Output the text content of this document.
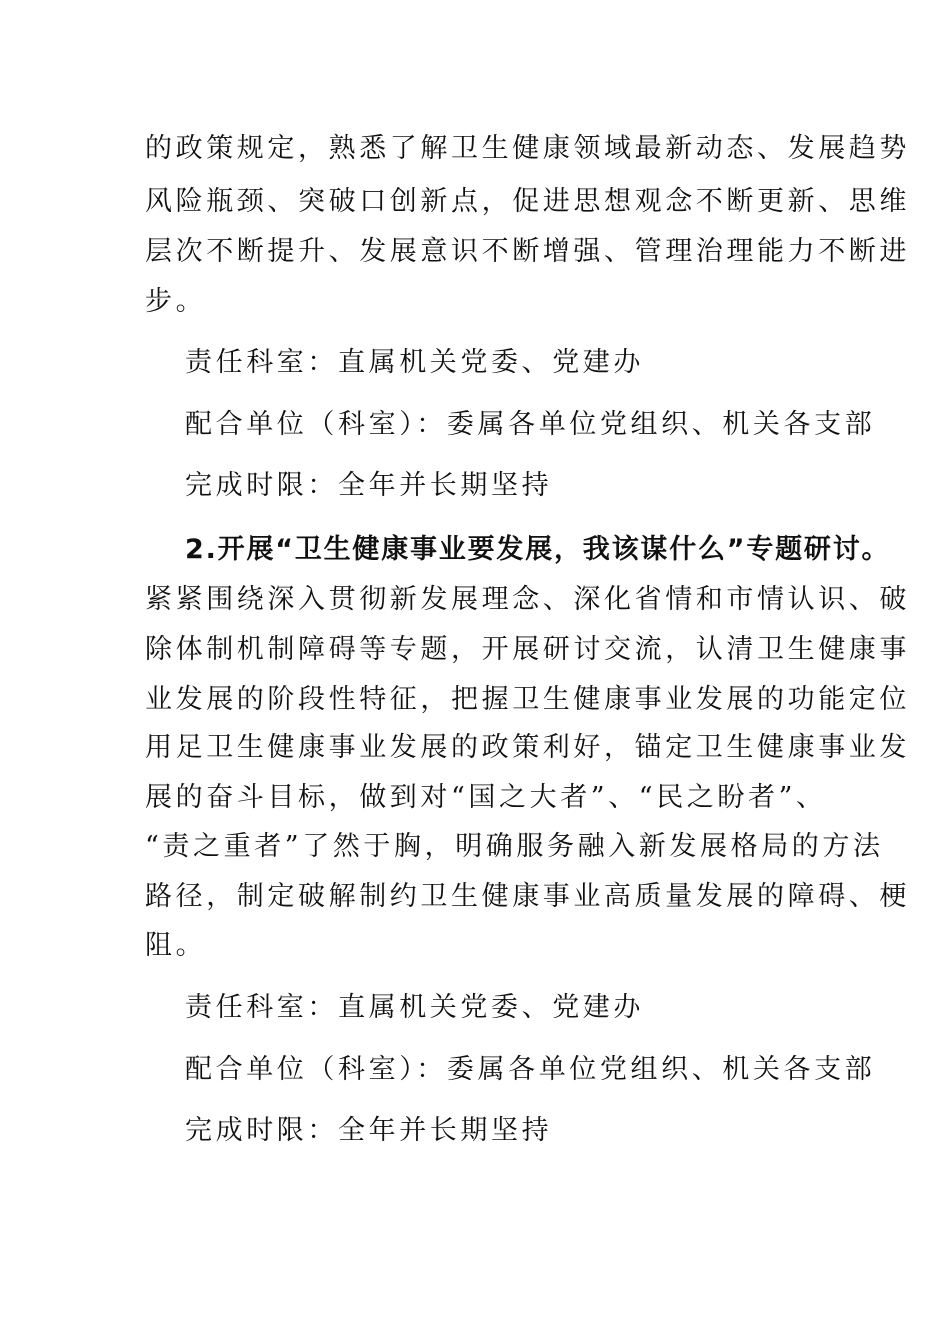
的政策规定，熟悉了解卫生健康领域最新动态、发展趋势
风险瓶颈、突破口创新点，促进思想观念不断更新、思维
层次不断提升、发展意识不断增强、管理治理能力不断进
步。
责任科室：直属机关党委、党建办
配合单位（科室）：委属各单位党组织、机关各支部
完成时限：全年并长期坚持
2.开展“卫生健康事业要发展，我该谋什么”专题研讨。
紧紧围绕深入贯彻新发展理念、深化省情和市情认识、破
除体制机制障碍等专题，开展研讨交流，认清卫生健康事
业发展的阶段性特征，把握卫生健康事业发展的功能定位
用足卫生健康事业发展的政策利好，锚定卫生健康事业发
展的奋斗目标，做到对“国之大者”、“民之盼者”、
“责之重者”了然于胸，明确服务融入新发展格局的方法
路径，制定破解制约卫生健康事业高质量发展的障碍、梗
阻。
责任科室：直属机关党委、党建办
配合单位（科室）：委属各单位党组织、机关各支部
完成时限：全年并长期坚持
